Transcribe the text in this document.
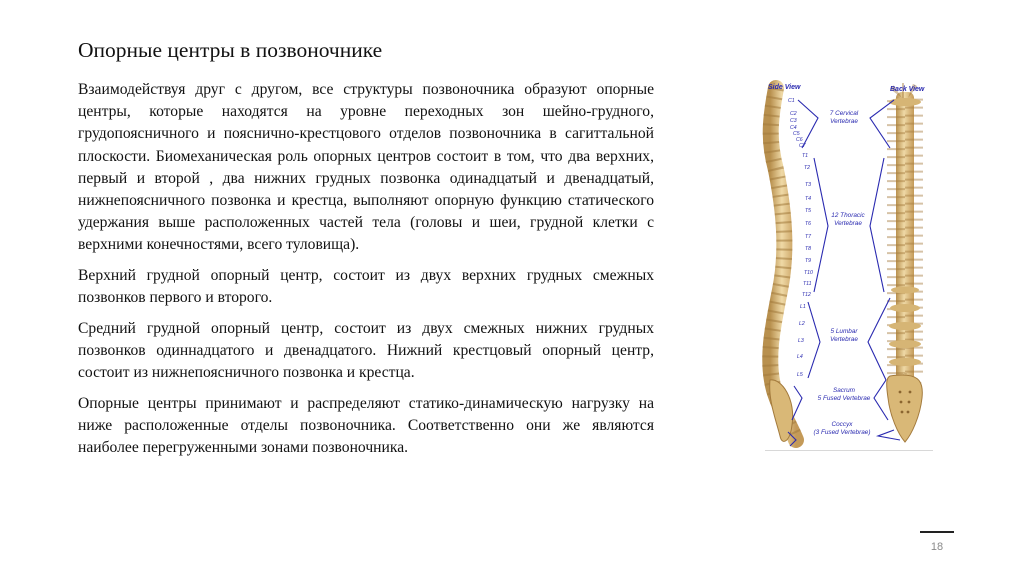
Опорные центры в позвоночнике

Взаимодействуя друг с другом, все структуры позвоночника образуют опорные центры, которые находятся на уровне переходных зон шейно-грудного, грудопоясничного и пояснично-крестцового отделов позвоночника в сагиттальной плоскости. Биомеханическая роль опорных центров состоит в том, что два верхних, первый и второй , два нижних грудных позвонка одинадцатый и двенадцатый, нижнепоясничного позвонка и крестца, выполняют опорную функцию статического удержания выше расположенных частей тела (головы и шеи, грудной клетки с верхними конечностями, всего туловища).

Верхний грудной опорный центр, состоит из двух верхних грудных смежных позвонков первого и второго.

Средний грудной опорный центр, состоит из двух смежных нижних грудных позвонков одиннадцатого и двенадцатого. Нижний крестцовый опорный центр, состоит из нижнепоясничного позвонка и крестца.

Опорные центры принимают и распределяют статико-динамическую нагрузку на ниже расположенные отделы позвоночника. Соответственно они же являются наиболее перегруженными зонами позвоночника.

Side View	Back View
C1
C2
C3
C4
C5
C6
C7
T1
T2
T3
T4
T5
T6
T7
T8
T9
T10
T11
T12
L1
L2
L3
L4
L5
7 Cervical
Vertebrae
12 Thoracic
Vertebrae
5 Lumbar
Vertebrae
Sacrum
5 Fused Vertebrae
Coccyx
(3 Fused Vertebrae)
18
